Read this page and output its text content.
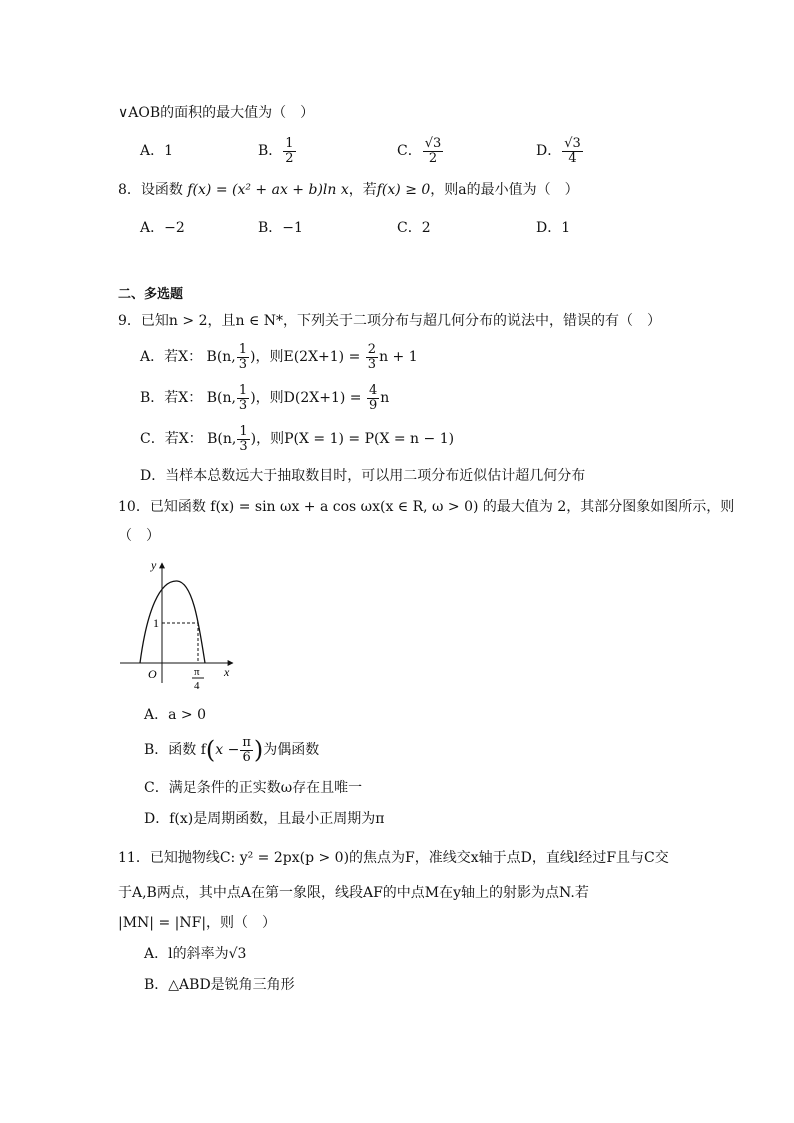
∨AOB的面积的最大值为（　）
A．1	B． $\frac{1}{2}$	C． $\frac{√3}{2}$	D． $\frac{√3}{4}$
8．设函数 f(x) = (x² + ax + b)ln x，若f(x) ≥ 0，则a的最小值为（　）
A．−2	B．−1	C．2	D．1
二、多选题
9．已知n > 2，且n ∈ N*，下列关于二项分布与超几何分布的说法中，错误的有（　）
A．若X： B(n, $\frac{1}{3}$ )，则$E(2X+1) = \frac{2}{3}$ n + 1
B．若X： B(n, $\frac{1}{3}$ )，则$D(2X+1) = \frac{4}{9}$ n
C．若X： B(n, $\frac{1}{3}$ )，则P(X = 1) = P(X = n − 1)
D．当样本总数远大于抽取数目时，可以用二项分布近似估计超几何分布
10．已知函数 f(x) = sin ωx + a cos ωx(x ∈ R, ω > 0) 的最大值为 2，其部分图象如图所示，则
（　）
y
x
O
1
π
4
A．a > 0
B．函数 $f(x - \frac{\pi}{6}$ )为偶函数
C．满足条件的正实数ω存在且唯一
D．f(x)是周期函数，且最小正周期为π
11．已知抛物线C: y² = 2px(p > 0)的焦点为F，准线交x轴于点D，直线l经过F且与C交
于A,B两点，其中点A在第一象限，线段AF的中点M在y轴上的射影为点N.若
|MN| = |NF|，则（　）
A．l的斜率为√3
B．△ABD是锐角三角形
